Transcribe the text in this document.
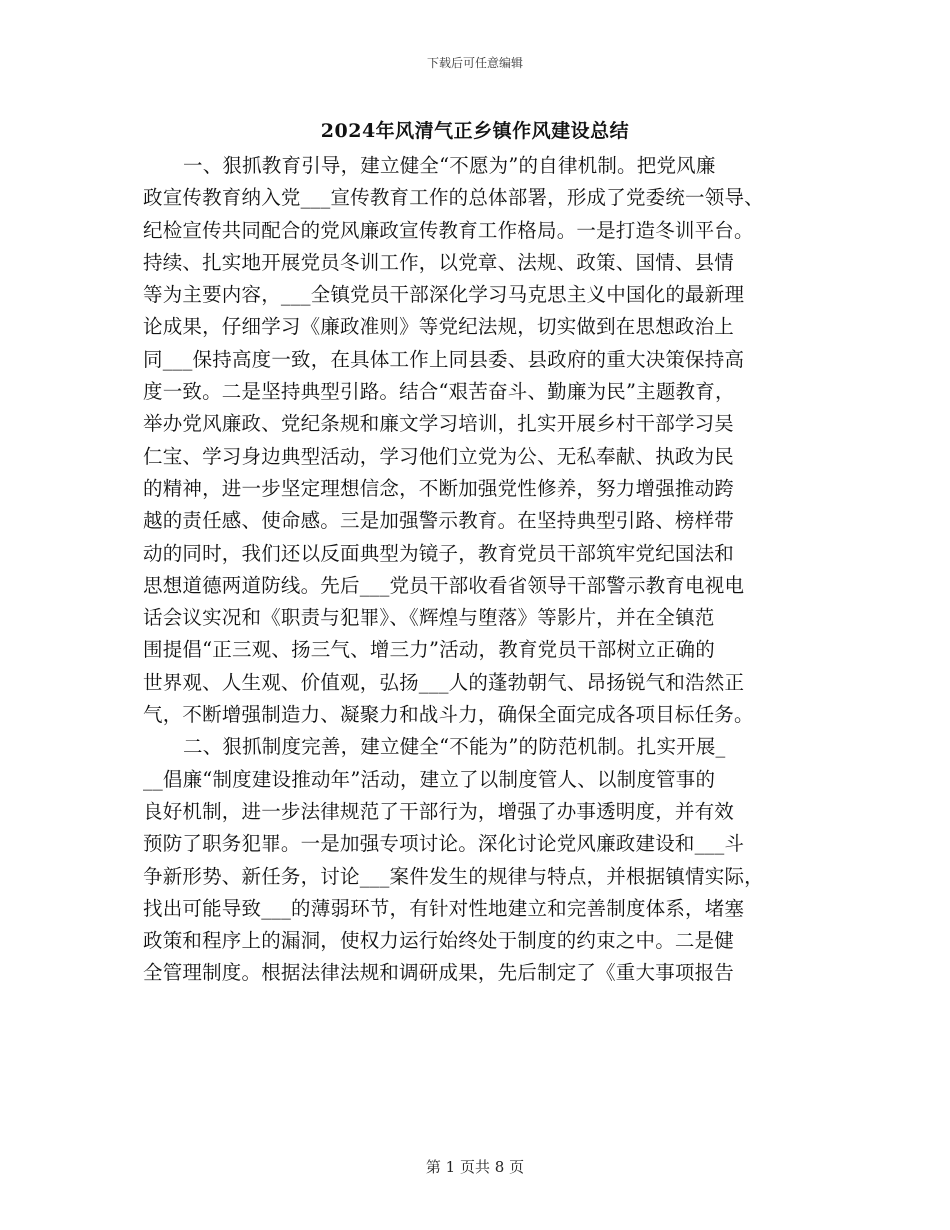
下载后可任意编辑
2024年风清气正乡镇作风建设总结
一、狠抓教育引导，建立健全“不愿为”的自律机制。把党风廉
政宣传教育纳入党___宣传教育工作的总体部署，形成了党委统一领导、
纪检宣传共同配合的党风廉政宣传教育工作格局。一是打造冬训平台。
持续、扎实地开展党员冬训工作，以党章、法规、政策、国情、县情
等为主要内容，___全镇党员干部深化学习马克思主义中国化的最新理
论成果，仔细学习《廉政准则》等党纪法规，切实做到在思想政治上
同___保持高度一致，在具体工作上同县委、县政府的重大决策保持高
度一致。二是坚持典型引路。结合“艰苦奋斗、勤廉为民”主题教育，
举办党风廉政、党纪条规和廉文学习培训，扎实开展乡村干部学习吴
仁宝、学习身边典型活动，学习他们立党为公、无私奉献、执政为民
的精神，进一步坚定理想信念，不断加强党性修养，努力增强推动跨
越的责任感、使命感。三是加强警示教育。在坚持典型引路、榜样带
动的同时，我们还以反面典型为镜子，教育党员干部筑牢党纪国法和
思想道德两道防线。先后___党员干部收看省领导干部警示教育电视电
话会议实况和《职责与犯罪》、《辉煌与堕落》等影片，并在全镇范
围提倡“正三观、扬三气、增三力”活动，教育党员干部树立正确的
世界观、人生观、价值观，弘扬___人的蓬勃朝气、昂扬锐气和浩然正
气，不断增强制造力、凝聚力和战斗力，确保全面完成各项目标任务。
二、狠抓制度完善，建立健全“不能为”的防范机制。扎实开展_
__倡廉“制度建设推动年”活动，建立了以制度管人、以制度管事的
良好机制，进一步法律规范了干部行为，增强了办事透明度，并有效
预防了职务犯罪。一是加强专项讨论。深化讨论党风廉政建设和___斗
争新形势、新任务，讨论___案件发生的规律与特点，并根据镇情实际，
找出可能导致___的薄弱环节，有针对性地建立和完善制度体系，堵塞
政策和程序上的漏洞，使权力运行始终处于制度的约束之中。二是健
全管理制度。根据法律法规和调研成果，先后制定了《重大事项报告
第 1 页共 8 页
